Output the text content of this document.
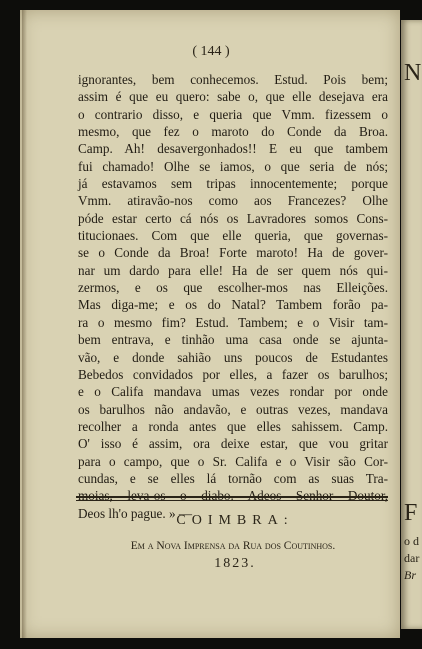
N
F
o d
dar
Br
( 144 )
ignorantes, bem conhecemos. Estud. Pois bem;
assim é que eu quero: sabe o, que elle desejava era
o contrario disso, e queria que Vmm. fizessem o
mesmo, que fez o maroto do Conde da Broa.
Camp. Ah! desavergonhados!! E eu que tambem
fui chamado! Olhe se iamos, o que seria de nós;
já estavamos sem tripas innocentemente; porque
Vmm. atiravão-nos como aos Francezes? Olhe
póde estar certo cá nós os Lavradores somos Cons-
titucionaes. Com que elle queria, que governas-
se o Conde da Broa! Forte maroto! Ha de gover-
nar um dardo para elle! Ha de ser quem nós qui-
zermos, e os que escolher-mos nas Elleições.
Mas diga-me; e os do Natal? Tambem forão pa-
ra o mesmo fim? Estud. Tambem; e o Visir tam-
bem entrava, e tinhão uma casa onde se ajunta-
vão, e donde sahião uns poucos de Estudantes
Bebedos convidados por elles, a fazer os barulhos;
e o Califa mandava umas vezes rondar por onde
os barulhos não andavão, e outras vezes, mandava
recolher a ronda antes que elles sahissem. Camp.
O' isso é assim, ora deixe estar, que vou gritar
para o campo, que o Sr. Califa e o Visir são Cor-
cundas, e se elles lá tornão com as suas Tra-
Deos lh'o pague. » —
COIMBRA:
Em a Nova Imprensa da Rua dos Coutinhos.
1823.
